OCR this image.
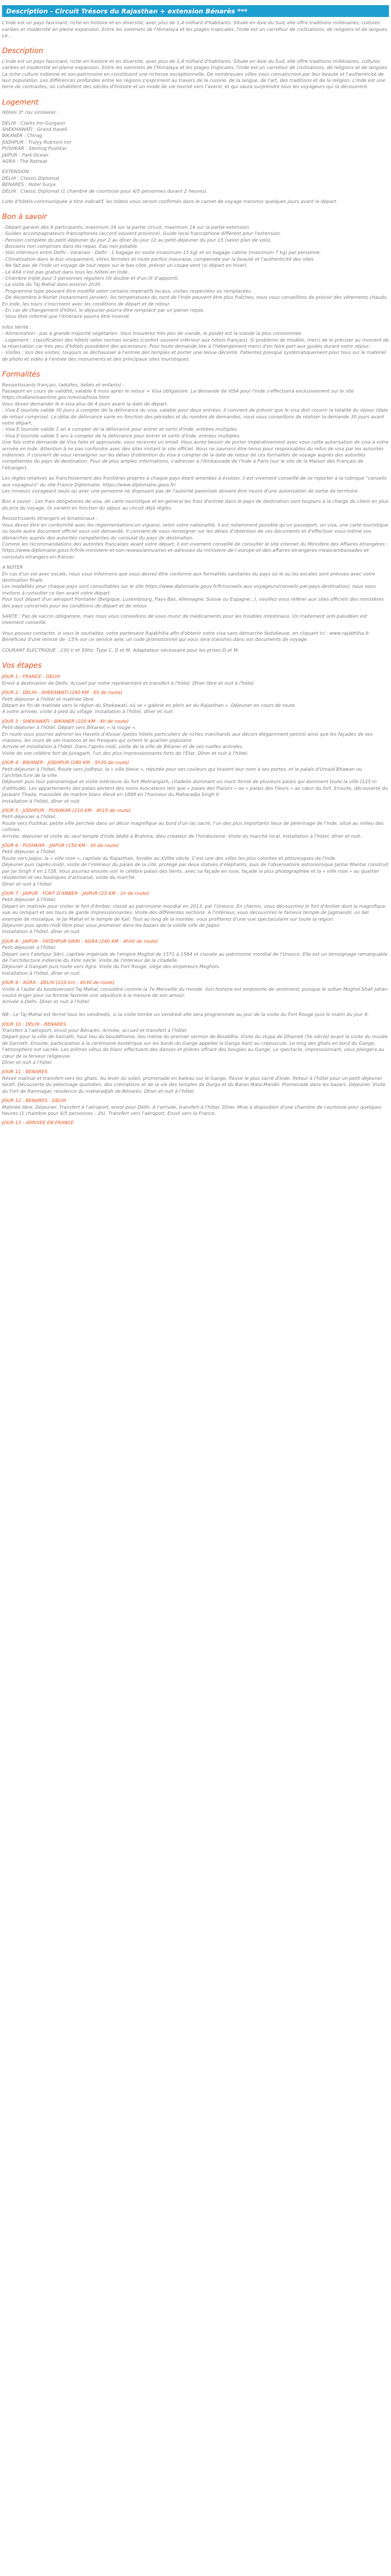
Description - Circuit Trésors du Rajasthan + extension Bénarès ***
L'Inde est un pays fascinant, riche en histoire et en diversité, avec plus de 1,4 milliard d'habitants. Située en Asie du Sud, elle offre traditions millénaires, cultures variées et modernité en pleine expansion. Entre les sommets de l'Himalaya et les plages tropicales, l'Inde est un carrefour de civilisations, de religions et de langues.
Le...
Description
L'Inde est un pays fascinant, riche en histoire et en diversité, avec plus de 1,4 milliard d'habitants. Située en Asie du Sud, elle offre traditions millénaires, cultures variées et modernité en pleine expansion. Entre les sommets de l'Himalaya et les plages tropicales, l'Inde est un carrefour de civilisations, de religions et de langues.
La riche culture indienne et son patrimoine en constituent une richesse exceptionnelle. De nombreuses villes vous convaincront par leur beauté et l'authenticité de leur population. Les différences profondes entre les régions s'expriment au travers de la cuisine, de la langue, de l'art, des traditions et de la religion. L'Inde est une terre de contrastes, où cohabitent des siècles d'histoire et un mode de vie tourné vers l'avenir, et qui saura surprendre tous les voyageurs qui la découvrent.
Logement
Hôtels 3* (ou similaire) :
DELHI : Clarks Inn Gurgaon
SHEKHAWATI : Grand Haveli
BIKANER : Chirag
JODHPUR : Trulyy Rukmini Inn
PUSHKAR : Sterling Pushkar
JAIPUR : Park Ocean
AGRA : The Retreat
EXTENSION :
DELHI : Classic Diplomat
BENARES : Hotel Surya
DELHI : Classic Diplomat (1 chambre de courtoisie pour 4/5 personnes durant 2 heures).
Liste d'hôtels communiquée à titre indicatif, les hôtels vous seront confirmés dans le carnet de voyage transmis quelques jours avant le départ.
Bon à savoir
- Départ garanti dès 6 participants, maximum 34 sur la partie circuit, maximum 14 sur la partie extension.
- Guides accompagnateurs francophones (accord souvent province). Guide local francophone différent pour l'extension.
- Pension complète du petit-déjeuner du jour 2 au dîner du jour 12 au petit-déjeuner du jour 15 (selon plan de vols).
- Boissons non comprises dans les repas. Eau non potable.
- Vols intérieurs entre Delhi - Varanasi - Delhi : 1 bagage en soute (maximum 15 kg) et un bagage cabine (maximum 7 kg) par personne.
- Climatisation dans le bus uniquement, vitres fermées et route parfois mauvaise, compensée par la beauté et l'authenticité des sites.
- Ne fait pas de l'Inde un voyage de tout repos sur le bas-côté, prévoir un coupe-vent (si départ en hiver).
- Le 4X4 n'est pas gratuit dans tous les hôtels en Inde.
- Chambre triple pour 3 personnes réguliers (lit double et d'un lit d'appoint).
- La visite du Taj Mahal dans environ 2h30.
- Programme type pouvant être modifié selon certains impératifs locaux, visites respectées ou remplacées.
- De décembre à février (notamment janvier), les températures du nord de l'Inde peuvent être plus fraîches, nous vous conseillons de prévoir des vêtements chauds. En Inde, les tours s'inscrivent avec les conditions de départ et de retour.
- En cas de changement d'hôtel, le déjeuner pourra être remplacé par un panier repas.
- Vous êtes informé que l'itinéraire pourra être inversé.
Infos Vérité :
- Alimentation : pas à grande majorité végétarien. Vous trouverez très peu de viande, le poulet est la viande la plus consommée.
- Logement : classification des hôtels selon normes locales (confort souvent inférieur aux hôtels français). Si problème de modèle, merci de le préciser au moment de la réservation car très peu d'hôtels possèdent des ascenseurs. Pour toute demande liée à l'hébergement merci d'en faire part aux guides durant votre séjour.
- Visites : lors des visites, toujours se déchausser à l'entrée des temples et porter une tenue décente. Patientez presque systématiquement pour tous sur le matériel de photo et vidéo à l'entrée des monuments et des principaux sites touristiques.
Formalités
Ressortissants français, (adultes, bébés et enfants) :
Passeport en cours de validité, valable 6 mois après le retour + Visa obligatoire. La demande de VISA pour l'Inde s'effectuera exclusivement sur le site https://indianvisaonline.gov.in/evisa/tvoa.html
Vous devez demander le e-visa plus de 4 jours avant la date de départ.
- Visa E-touriste valide 30 jours à compter de la délivrance du visa, valable pour deux entrées. Il convient de prévoir que le visa doit couvrir la totalité du séjour (date de retour comprise). Le délai de délivrance varie en fonction des périodes et du nombre de demandes, nous vous conseillons de réaliser la demande 30 jours avant votre départ.
- Visa E-touriste valide 1 an à compter de la délivrance pour entrer et sortir d'Inde, entrées multiples.
- Visa E-touriste valide 5 ans à compter de la délivrance pour entrer et sortir d'Inde, entrées multiples.
Une fois votre demande de Visa faite et approuvée, vous recevrez un email. Vous aurez besoin de porter impérativement avec vous cette autorisation de visa à votre arrivée en Inde. Attention à ne pas confondre avec des sites imitant le site officiel. Nous ne saurions être tenus pour responsables du refus de visa par les autorités indiennes. Il convient de vous renseigner sur les délais d'obtention du visa à compter de la date de retour de ces formalités de voyage auprès des autorités compétentes du pays de destination. Pour de plus amples informations, s'adresser à l'Ambassade de l'Inde à Paris (sur le site de la Maison des Français de l'étranger).
Les règles relatives au franchissement des frontières propres à chaque pays étant amenées à évoluer, il est vivement conseillé de se reporter à la rubrique "conseils aux voyageurs" du site France Diplomatie. https://www.diplomatie.gouv.fr/
Les mineurs voyageant seuls ou avec une personne ne disposant pas de l'autorité parentale doivent être munis d'une autorisation de sortie de territoire.
Bon à savoir : Les frais obligatoires de visa, de carte touristique et en général les frais d'entrée dans le pays de destination sont toujours à la charge du client en plus du prix du voyage, ils varient en fonction du séjour au circuit déjà réglés.
Ressortissants étrangers et binationaux :
Vous devez être en conformité avec les réglementations en vigueur, selon votre nationalité. Il est notamment possible qu'un passeport, un visa, une carte touristique ou toute autre document officiel vous soit demandé. Il convient de vous renseigner sur les délais d'obtention de ces documents et d'effectuer vous-même vos démarches auprès des autorités compétentes du consulat du pays de destination.
Comme les recommandations des autorités françaises avant votre départ, il est vivement conseillé de consulter le site internet du Ministère des Affaires étrangères : https://www.diplomatie.gouv.fr/fr/le-ministere-et-son-reseau/annuaires-et-adresses-du-ministere-de-l-europe-et-des-affaires-etrangeres-meae/ambassades-et-consulats-etrangers-en-france/
A NOTER
En cas d'un vol avec escale, nous vous informons que vous devrez être conforme aux formalités sanitaires du pays où le ou les escales sont prévues avec votre destination finale.
Les modalités pour chaque pays sont consultables sur le site https://www.diplomatie.gouv.fr/fr/conseils-aux-voyageurs/conseils-par-pays-destination/, nous vous invitons à consulter ce lien avant votre départ.
Pour tout départ d'un aéroport frontalier (Belgique, Luxembourg, Pays-Bas, Allemagne, Suisse ou Espagne...), veuillez vous référer aux sites officiels des ministères des pays concernés pour les conditions de départ et de retour.
SANTE : Pas de vaccin obligatoire, mais nous vous conseillons de vous munir de médicaments pour les troubles intestinaux. Un traitement anti-paludéen est vivement conseillé.
Vous pouvez contacter, si vous le souhaitez, votre partenaire Rajabhiha afin d'obtenir votre visa sans démarche fastidieuse, en cliquant ici : www.rajabhiha.fr. Bénéficiez d'une remise de -15% sur ce service avec un code promotionnel qui vous sera transmis dans vos documents de voyage.
COURANT ELECTRIQUE : 230 V et 50Hz. Type C, D et M. Adaptateur nécessaire pour les prises D et M.
Vos étapes
JOUR 1 : FRANCE - DELHI
Envol à destination de Delhi. Accueil par notre représentant et transfert à l'hôtel. Dîner libre et nuit à l'hôtel.
JOUR 2 : DELHI - SHEKAWATI (240 KM - 6h de route)
Petit déjeuner à l'hôtel et matinée libre.
Départ en fin de matinée vers la région du Shekawati, où se « galerie en plein air du Rajasthan ». Déjeuner en cours de route.
A votre arrivée, visite à pied du village. Installation à l'hôtel, dîner et nuit.
JOUR 3 : SHEKAWATI - BIKANER (220 KM - 4h de route)
Petit-déjeuner à l'hôtel. Départ vers Bikaner, « la rouge ».
En route vous pourrez admirer les Havelis d'Alsisar (petits hôtels particuliers de riches marchands aux décors élégamment peints) ainsi que les façades de ses maisons, les murs de ses maisons et les fresques qui ornent le quartier populaire.
Arrivée et installation à l'hôtel. Dans l'après-midi, visite de la ville de Bikaner et de ses ruelles animées.
Visite de son célèbre fort de Junagarh, l'un des plus impressionnants forts de l'État. Dîner et nuit à l'hôtel.
JOUR 4 : BIKANER - JODHPUR (280 KM - 5h30 de route)
Petit-déjeuner à l'hôtel. Route vers Jodhpur, la « ville bleue », réputée pour ses couleurs qui tiraient leur nom à ses portes, et le palais d'Umaid Bhawan ou l'architecture de la ville.
Déjeuner puis tour panoramique et visite intérieure du fort Mehrangarh, citadelle dominant un mont formé de plusieurs palais qui dominent toute la ville (125 m d'altitude). Les appartements des palais portent des noms évocateurs tels que « palais des Plaisirs » ou « palais des Fleurs » au cœur du fort. Ensuite, découverte du Jaswant Thada, mausolée de marbre blanc élevé en 1899 en l'honneur du Maharadja Singh II.
Installation à l'hôtel, dîner et nuit.
JOUR 5 : JODHPUR - PUSHKAR (210 KM - 4h15 de route)
Petit-déjeuner à l'hôtel.
Route vers Pushkar, petite ville perchée dans un décor magnifique au bord d'un lac sacré, l'un des plus importants lieux de pèlerinage de l'Inde, situé au milieu des collines.
Arrivée, déjeuner et visite du seul temple d'Inde dédié à Brahma, dieu créateur de l'hindouisme. Visite du marché local. Installation à l'hôtel, dîner et nuit.
JOUR 6 : PUSHKAR - JAIPUR (150 KM - 3h de route)
Petit déjeuner à l'hôtel.
Route vers Jaipur, la « ville rose », capitale du Rajasthan, fondée au XVIIIe siècle. C'est une des villes les plus colorées et pittoresques de l'Inde.
Déjeuner puis (après-midi), visite de l'intérieur du palais de la cité, protégé par deux statues d'éléphants, puis de l'observatoire astronomique Jantar Mantar construit par Jai Singh II en 1728. Vous pourrez ensuite voir le célèbre palais des Vents, avec sa façade en rose, façade la plus photographiée et la « ville rose » au quartier résidentiel et ses boutiques d'artisanat, visite du marché.
Dîner et nuit à l'hôtel.
JOUR 7 : JAIPUR - FORT D'AMBER - JAIPUR (25 KM - 1h de route)
Petit-déjeuner à l'hôtel.
Départ en matinée pour visiter le fort d'Amber, classé au patrimoine mondial en 2013, par l'Unesco. En chemin, vous découvrirez le fort d'Amber dont la magnifique vue au rempart et ses tours de garde impressionnantes. Visite des différentes sections. A l'intérieur, vous découvrirez le fameux temple de Jagmandir, un bel exemple de mosaïque, le Jai Mahal et le temple de Kali. Tout au long de la montée, vous profiterez d'une vue spectaculaire sur toute la région.
Déjeuner puis après-midi libre pour vous promener dans les bazars de la vieille ville de Jaipur.
Installation à l'hôtel, dîner et nuit.
JOUR 8 : JAIPUR - FATEHPUR SIKRI - AGRA (240 KM - 4h30 de route)
Petit-déjeuner à l'hôtel.
Départ vers Fatehpur Sikri, capitale impériale de l'empire Moghol de 1571 à 1584 et classée au patrimoine mondial de l'Unesco. Elle est un témoignage remarquable de l'architecture indienne du XVIe siècle. Visite de l'intérieur de la citadelle.
Déjeuner à Ganpati puis route vers Agra. Visite du Fort Rouge, siège des empereurs Moghols.
Installation à l'hôtel, dîner et nuit.
JOUR 9 : AGRA - DELHI (210 km - 4h30 de route)
Visite à l'aube du bouleversant Taj Mahal, considéré comme la 7e Merveille du monde. Son histoire est empreinte de sentiment, puisque le sultan Moghol Shah Jahan voulut ériger pour sa femme favorite une sépulture à la mesure de son amour.
Arrivée à Delhi. Dîner et nuit à l'hôtel.

NB : Le Taj Mahal est fermé tous les vendredis, si la visite tombe un vendredi elle sera programmée au jour de la visite du Fort Rouge puis le matin du jour 9.
JOUR 10 : DELHI - BENARES
Transfert à l'aéroport, envol pour Bénarès. Arrivée, accueil et transfert à l'hôtel.
Départ pour la ville de Sarnath, haut lieu du bouddhisme, lieu même du premier sermon de Bouddha. Visite du stupa de Dhamek (5e siècle) avant la visite du musée de Sarnath. Ensuite, participation à la cérémonie ésotérique sur les bords du Gange appelée la Ganga Aarti au crépuscule. Le long des ghats en bord du Gange, l'atmosphère est sacrée. Les prêtres vêtus de blanc effectuent des danses et prières offrant des bougies au Gange. Le spectacle, impressionnant, vous plongera au cœur de la ferveur religieuse.
Dîner et nuit à l'hôtel.
JOUR 11 : BENARES
Réveil matinal et transfert vers les ghats. Au lever du soleil, promenade en bateau sur le Gange, fleuve le plus sacré d'Inde. Retour à l'hôtel pour un petit-déjeuner tardif. Découverte du pèlerinage quotidien, des crémations et de la vie des temples de Durga et du Baran Mata Mandir. Promenade dans les bazars. Déjeuner. Visite du Fort de Ramnagar, résidence du maharadjah de Bénarès. Dîner et nuit à l'hôtel.
JOUR 12 : BENARES - DELHI
Matinée libre. Déjeuner. Transfert à l'aéroport, envol pour Delhi. A l'arrivée, transfert à l'hôtel. Dîner. Mise à disposition d'une chambre de courtoisie pour quelques heures (1 chambre pour 4/5 personnes - 2h). Transfert vers l'aéroport. Envol vers la France.
JOUR 13 : ARRIVEE EN FRANCE
